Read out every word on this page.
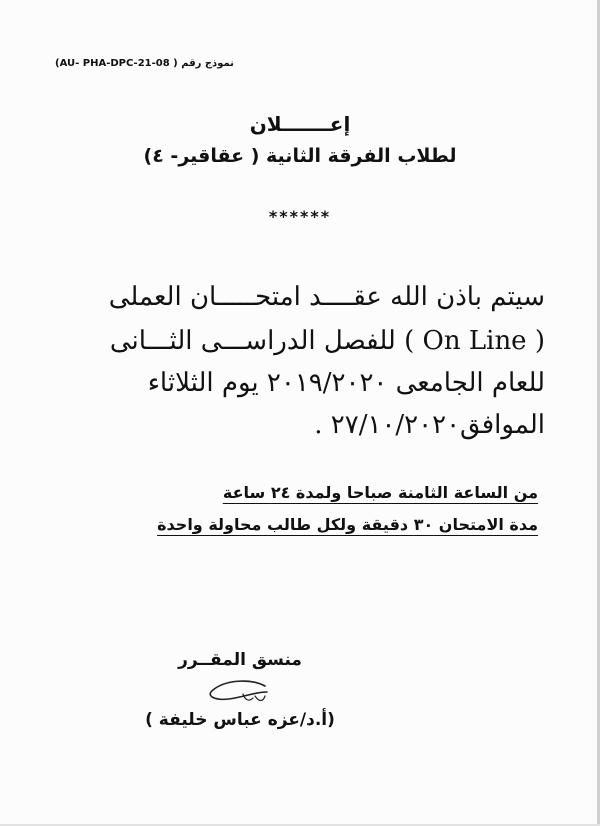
نموذج رقم ( AU- PHA-DPC-21-08)
إعـــــــلان
لطلاب الفرقة الثانية ( عقاقير- ٤)
******
سيتم باذن الله عقــــد امتحـــــان العملى
( On Line ) للفصل الدراســـى الثـــانى
للعام الجامعى ٢٠١٩/٢٠٢٠ يوم الثلاثاء
الموافق٢٧/١٠/٢٠٢٠ .
من الساعة الثامنة صباحا ولمدة ٢٤ ساعة
مدة الامتحان ٣٠ دقيقة ولكل طالب محاولة واحدة
منسق المقــرر
(أ.د/عزه عباس خليفة )
